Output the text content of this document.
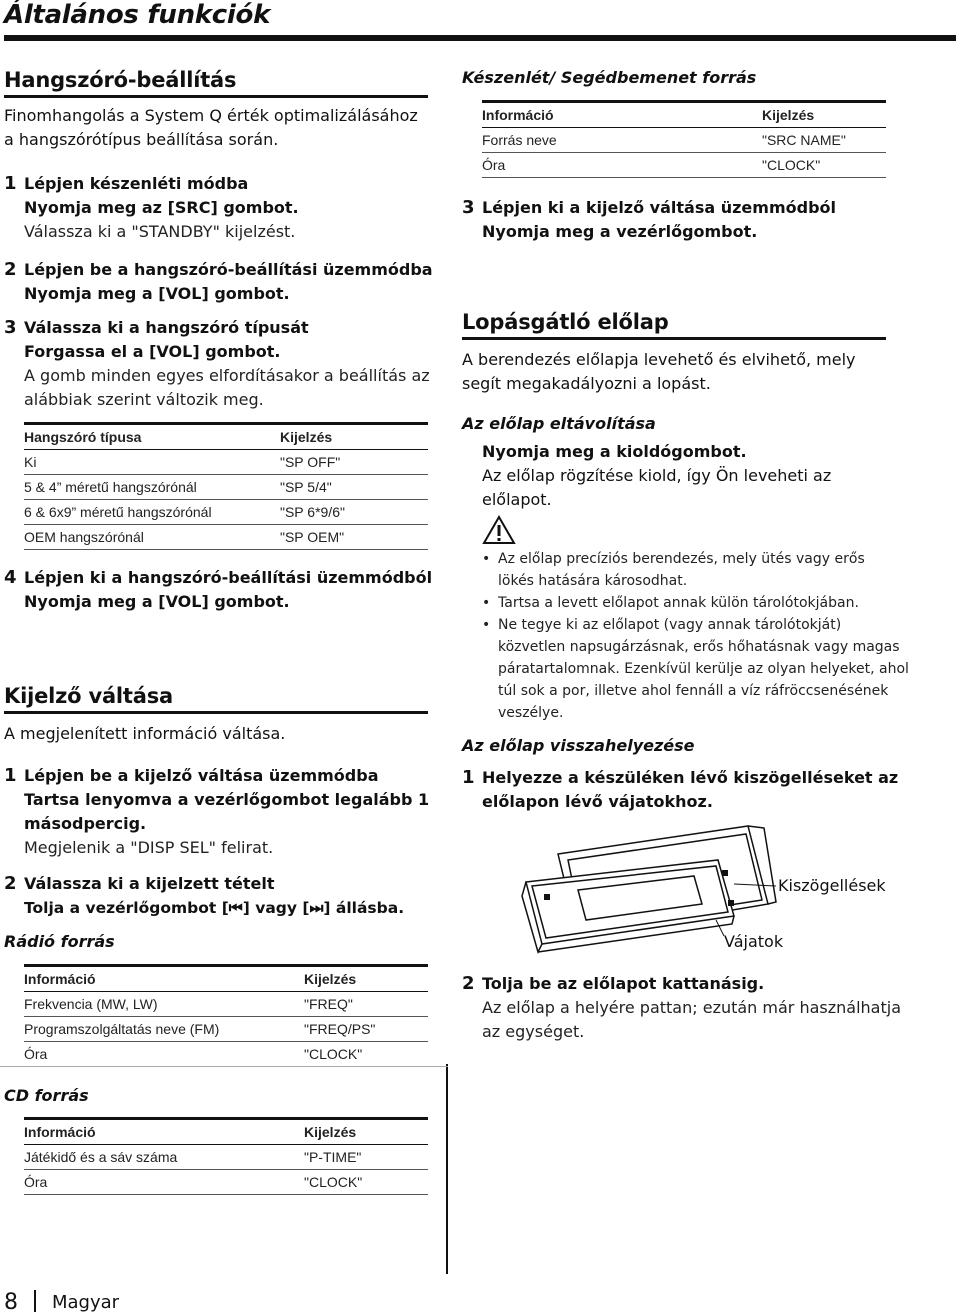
Általános funkciók
Hangszóró-beállítás
Finomhangolás a System Q érték optimalizálásához
a hangszórótípus beállítása során.
1 Lépjen készenléti módba
Nyomja meg az [SRC] gombot.
Válassza ki a "STANDBY" kijelzést.
2 Lépjen be a hangszóró-beállítási üzemmódba
Nyomja meg a [VOL] gombot.
3 Válassza ki a hangszóró típusát
Forgassa el a [VOL] gombot.
A gomb minden egyes elfordításakor a beállítás az
alábbiak szerint változik meg.
Hangszóró típusa	Kijelzés
Ki	"SP OFF"
5 & 4” méretű hangszórónál	"SP 5/4"
6 & 6x9” méretű hangszórónál	"SP 6*9/6"
OEM hangszórónál	"SP OEM"
4 Lépjen ki a hangszóró-beállítási üzemmódból
Nyomja meg a [VOL] gombot.
Kijelző váltása
A megjelenített információ váltása.
1 Lépjen be a kijelző váltása üzemmódba
Tartsa lenyomva a vezérlőgombot legalább 1
másodpercig.
Megjelenik a "DISP SEL" felirat.
2 Válassza ki a kijelzett tételt
Tolja a vezérlőgombot [⏮] vagy [⏭] állásba.
Rádió forrás
Információ	Kijelzés
Frekvencia (MW, LW)	"FREQ"
Programszolgáltatás neve (FM)	"FREQ/PS"
Óra	"CLOCK"
CD forrás
Információ	Kijelzés
Játékidő és a sáv száma	"P-TIME"
Óra	"CLOCK"
Készenlét/ Segédbemenet forrás
Információ	Kijelzés
Forrás neve	"SRC NAME"
Óra	"CLOCK"
3 Lépjen ki a kijelző váltása üzemmódból
Nyomja meg a vezérlőgombot.
Lopásgátló előlap
A berendezés előlapja levehető és elvihető, mely
segít megakadályozni a lopást.
Az előlap eltávolítása
Nyomja meg a kioldógombot.
Az előlap rögzítése kiold, így Ön leveheti az
előlapot.
• Az előlap precíziós berendezés, mely ütés vagy erős
lökés hatására károsodhat.
• Tartsa a levett előlapot annak külön tárolótokjában.
• Ne tegye ki az előlapot (vagy annak tárolótokját)
közvetlen napsugárzásnak, erős hőhatásnak vagy magas
páratartalomnak. Ezenkívül kerülje az olyan helyeket, ahol
túl sok a por, illetve ahol fennáll a víz ráfröccsenésének
veszélye.
Az előlap visszahelyezése
1 Helyezze a készüléken lévő kiszögelléseket az
előlapon lévő vájatokhoz.
Kiszögellések
Vájatok
2 Tolja be az előlapot kattanásig.
Az előlap a helyére pattan; ezután már használhatja
az egységet.
8 Magyar
